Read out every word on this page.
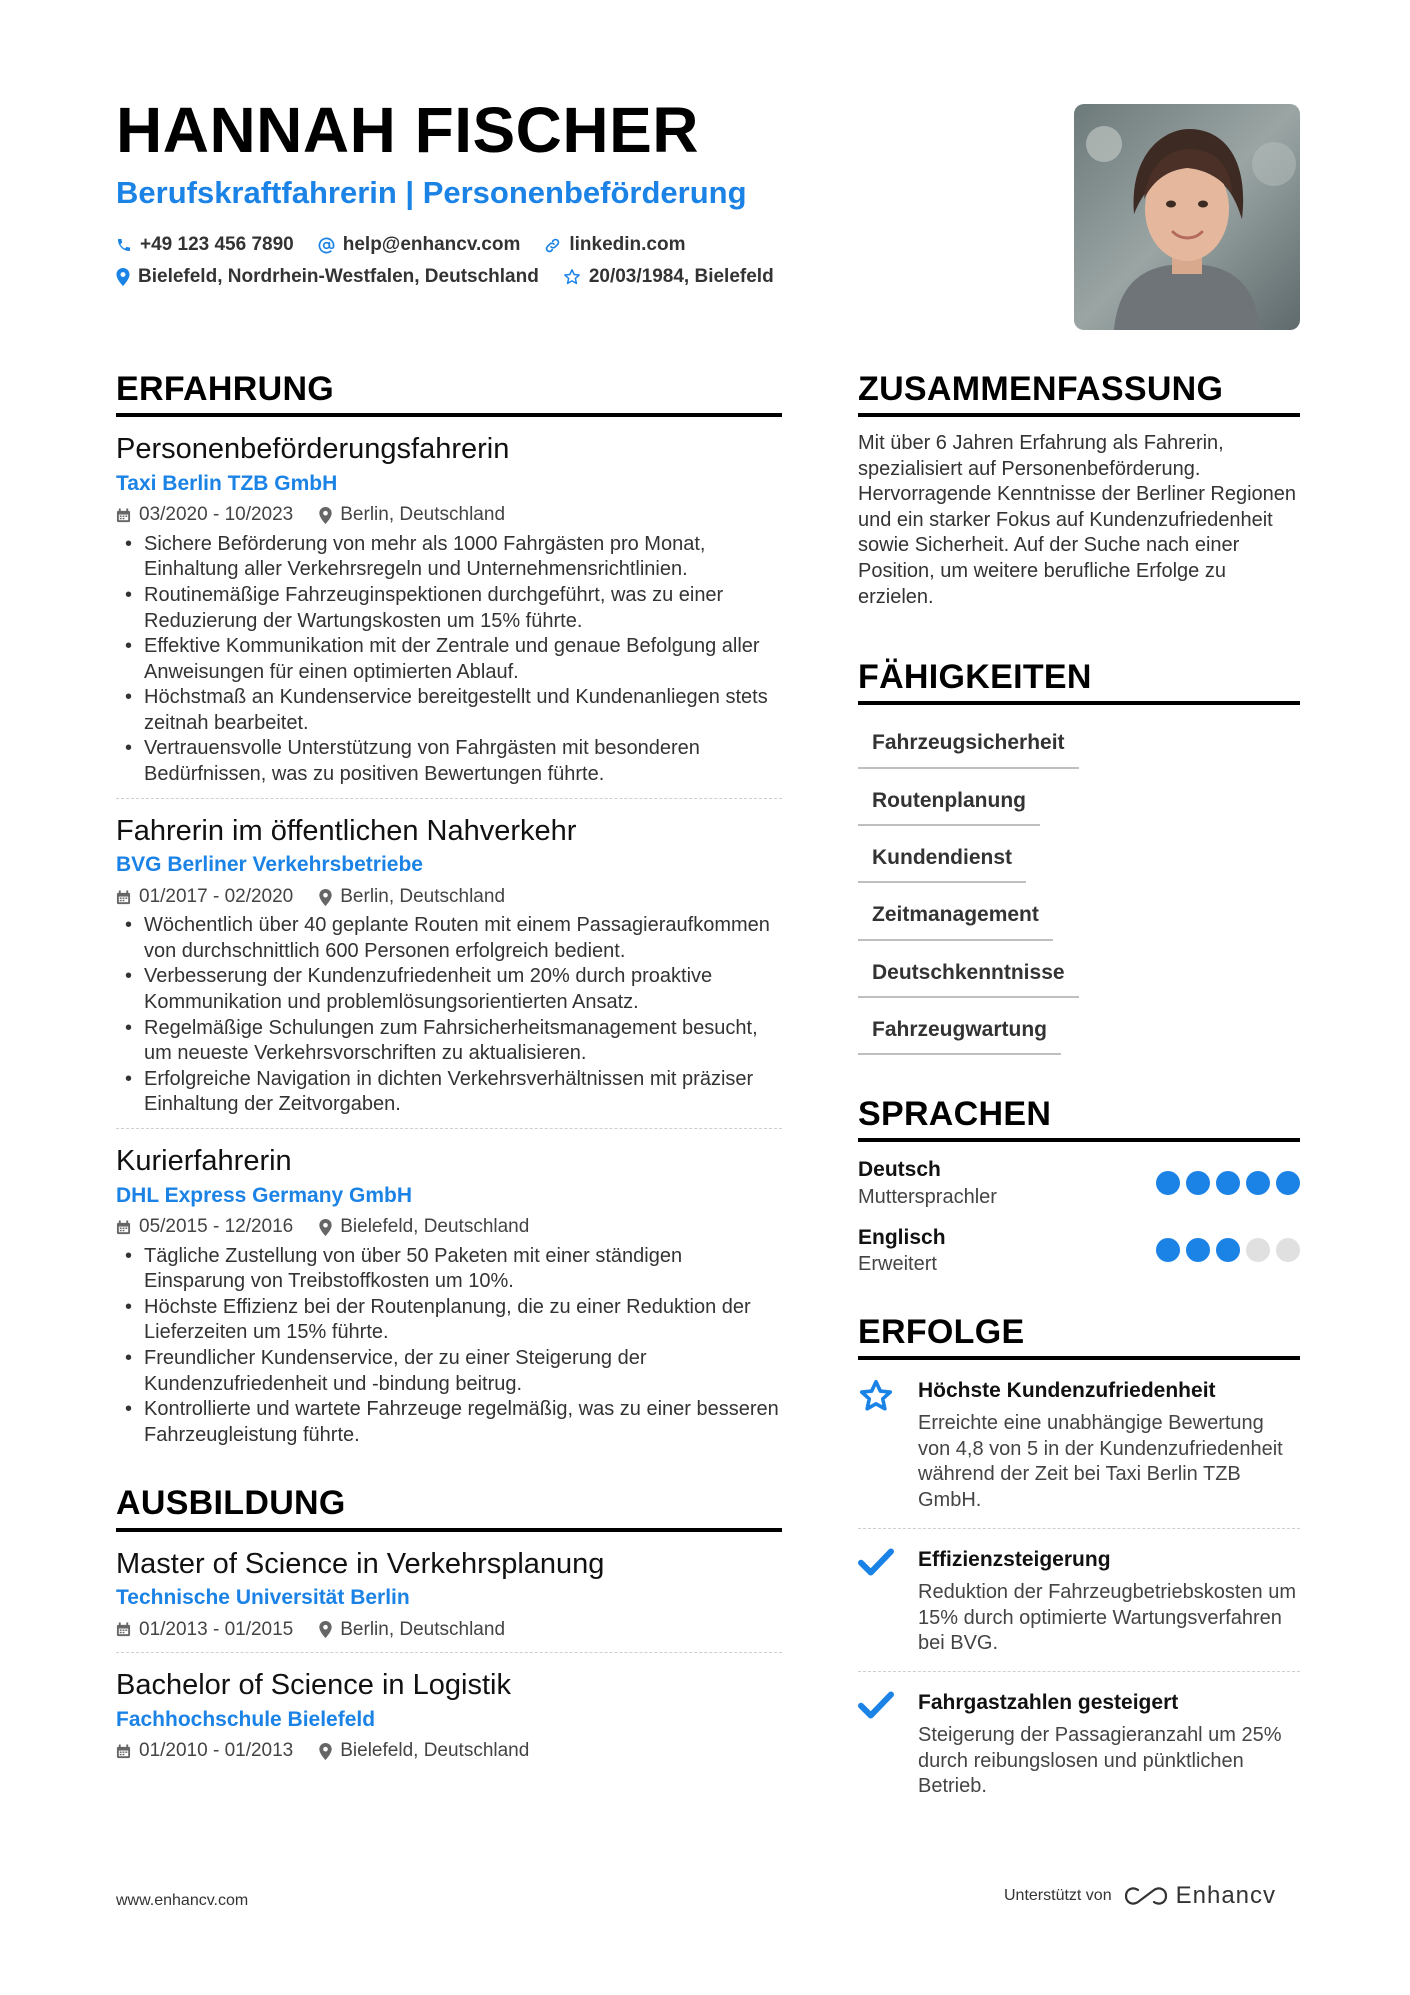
HANNAH FISCHER
Berufskraftfahrerin | Personenbeförderung
+49 123 456 7890	help@enhancv.com	linkedin.com
Bielefeld, Nordrhein-Westfalen, Deutschland	20/03/1984, Bielefeld
ERFAHRUNG
Personenbeförderungsfahrerin
Taxi Berlin TZB GmbH
03/2020 - 10/2023 Berlin, Deutschland
• Sichere Beförderung von mehr als 1000 Fahrgästen pro Monat, Einhaltung aller Verkehrsregeln und Unternehmensrichtlinien.
• Routinemäßige Fahrzeuginspektionen durchgeführt, was zu einer Reduzierung der Wartungskosten um 15% führte.
• Effektive Kommunikation mit der Zentrale und genaue Befolgung aller Anweisungen für einen optimierten Ablauf.
• Höchstmaß an Kundenservice bereitgestellt und Kundenanliegen stets zeitnah bearbeitet.
• Vertrauensvolle Unterstützung von Fahrgästen mit besonderen Bedürfnissen, was zu positiven Bewertungen führte.
Fahrerin im öffentlichen Nahverkehr
BVG Berliner Verkehrsbetriebe
01/2017 - 02/2020 Berlin, Deutschland
• Wöchentlich über 40 geplante Routen mit einem Passagieraufkommen von durchschnittlich 600 Personen erfolgreich bedient.
• Verbesserung der Kundenzufriedenheit um 20% durch proaktive Kommunikation und problemlösungsorientierten Ansatz.
• Regelmäßige Schulungen zum Fahrsicherheitsmanagement besucht, um neueste Verkehrsvorschriften zu aktualisieren.
• Erfolgreiche Navigation in dichten Verkehrsverhältnissen mit präziser Einhaltung der Zeitvorgaben.
Kurierfahrerin
DHL Express Germany GmbH
05/2015 - 12/2016 Bielefeld, Deutschland
• Tägliche Zustellung von über 50 Paketen mit einer ständigen Einsparung von Treibstoffkosten um 10%.
• Höchste Effizienz bei der Routenplanung, die zu einer Reduktion der Lieferzeiten um 15% führte.
• Freundlicher Kundenservice, der zu einer Steigerung der Kundenzufriedenheit und -bindung beitrug.
• Kontrollierte und wartete Fahrzeuge regelmäßig, was zu einer besseren Fahrzeugleistung führte.
AUSBILDUNG
Master of Science in Verkehrsplanung
Technische Universität Berlin
01/2013 - 01/2015 Berlin, Deutschland
Bachelor of Science in Logistik
Fachhochschule Bielefeld
01/2010 - 01/2013 Bielefeld, Deutschland
ZUSAMMENFASSUNG
Mit über 6 Jahren Erfahrung als Fahrerin, spezialisiert auf Personenbeförderung. Hervorragende Kenntnisse der Berliner Regionen und ein starker Fokus auf Kundenzufriedenheit sowie Sicherheit. Auf der Suche nach einer Position, um weitere berufliche Erfolge zu erzielen.
FÄHIGKEITEN
Fahrzeugsicherheit
Routenplanung
Kundendienst
Zeitmanagement
Deutschkenntnisse
Fahrzeugwartung
SPRACHEN
Deutsch
Muttersprachler
Englisch
Erweitert
ERFOLGE
Höchste Kundenzufriedenheit
Erreichte eine unabhängige Bewertung von 4,8 von 5 in der Kundenzufriedenheit während der Zeit bei Taxi Berlin TZB GmbH.
Effizienzsteigerung
Reduktion der Fahrzeugbetriebskosten um 15% durch optimierte Wartungsverfahren bei BVG.
Fahrgastzahlen gesteigert
Steigerung der Passagieranzahl um 25% durch reibungslosen und pünktlichen Betrieb.
www.enhancv.com	Unterstützt von	Enhancv
